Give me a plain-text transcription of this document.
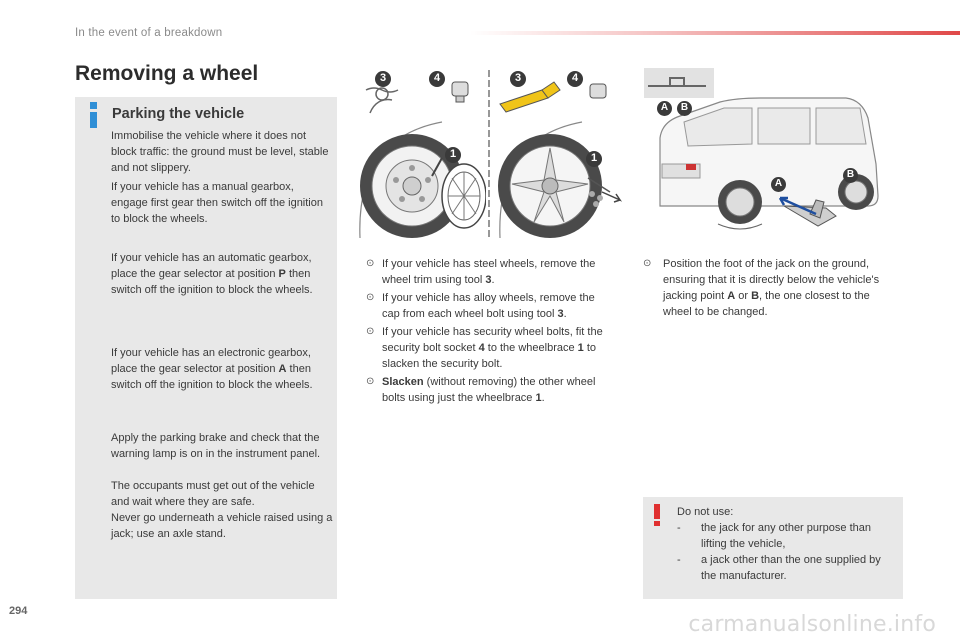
In the event of a breakdown
Removing a wheel
Parking the vehicle
Immobilise the vehicle where it does not block traffic: the ground must be level, stable and not slippery.
If your vehicle has a manual gearbox, engage first gear then switch off the ignition to block the wheels.
If your vehicle has an automatic gearbox, place the gear selector at position P then switch off the ignition to block the wheels.
If your vehicle has an electronic gearbox, place the gear selector at position A then switch off the ignition to block the wheels.
Apply the parking brake and check that the warning lamp is on in the instrument panel.
The occupants must get out of the vehicle and wait where they are safe.
Never go underneath a vehicle raised using a jack; use an axle stand.
3	4
1
3	4
1
A B
A
B
⊙ If your vehicle has steel wheels, remove the wheel trim using tool 3.
⊙ If your vehicle has alloy wheels, remove the cap from each wheel bolt using tool 3.
⊙ If your vehicle has security wheel bolts, fit the security bolt socket 4 to the wheelbrace 1 to slacken the security bolt.
⊙ Slacken (without removing) the other wheel bolts using just the wheelbrace 1.
⊙ Position the foot of the jack on the ground, ensuring that it is directly below the vehicle's jacking point A or B, the one closest to the wheel to be changed.
Do not use:
- the jack for any other purpose than lifting the vehicle,
- a jack other than the one supplied by the manufacturer.
294
carmanualsonline.info
